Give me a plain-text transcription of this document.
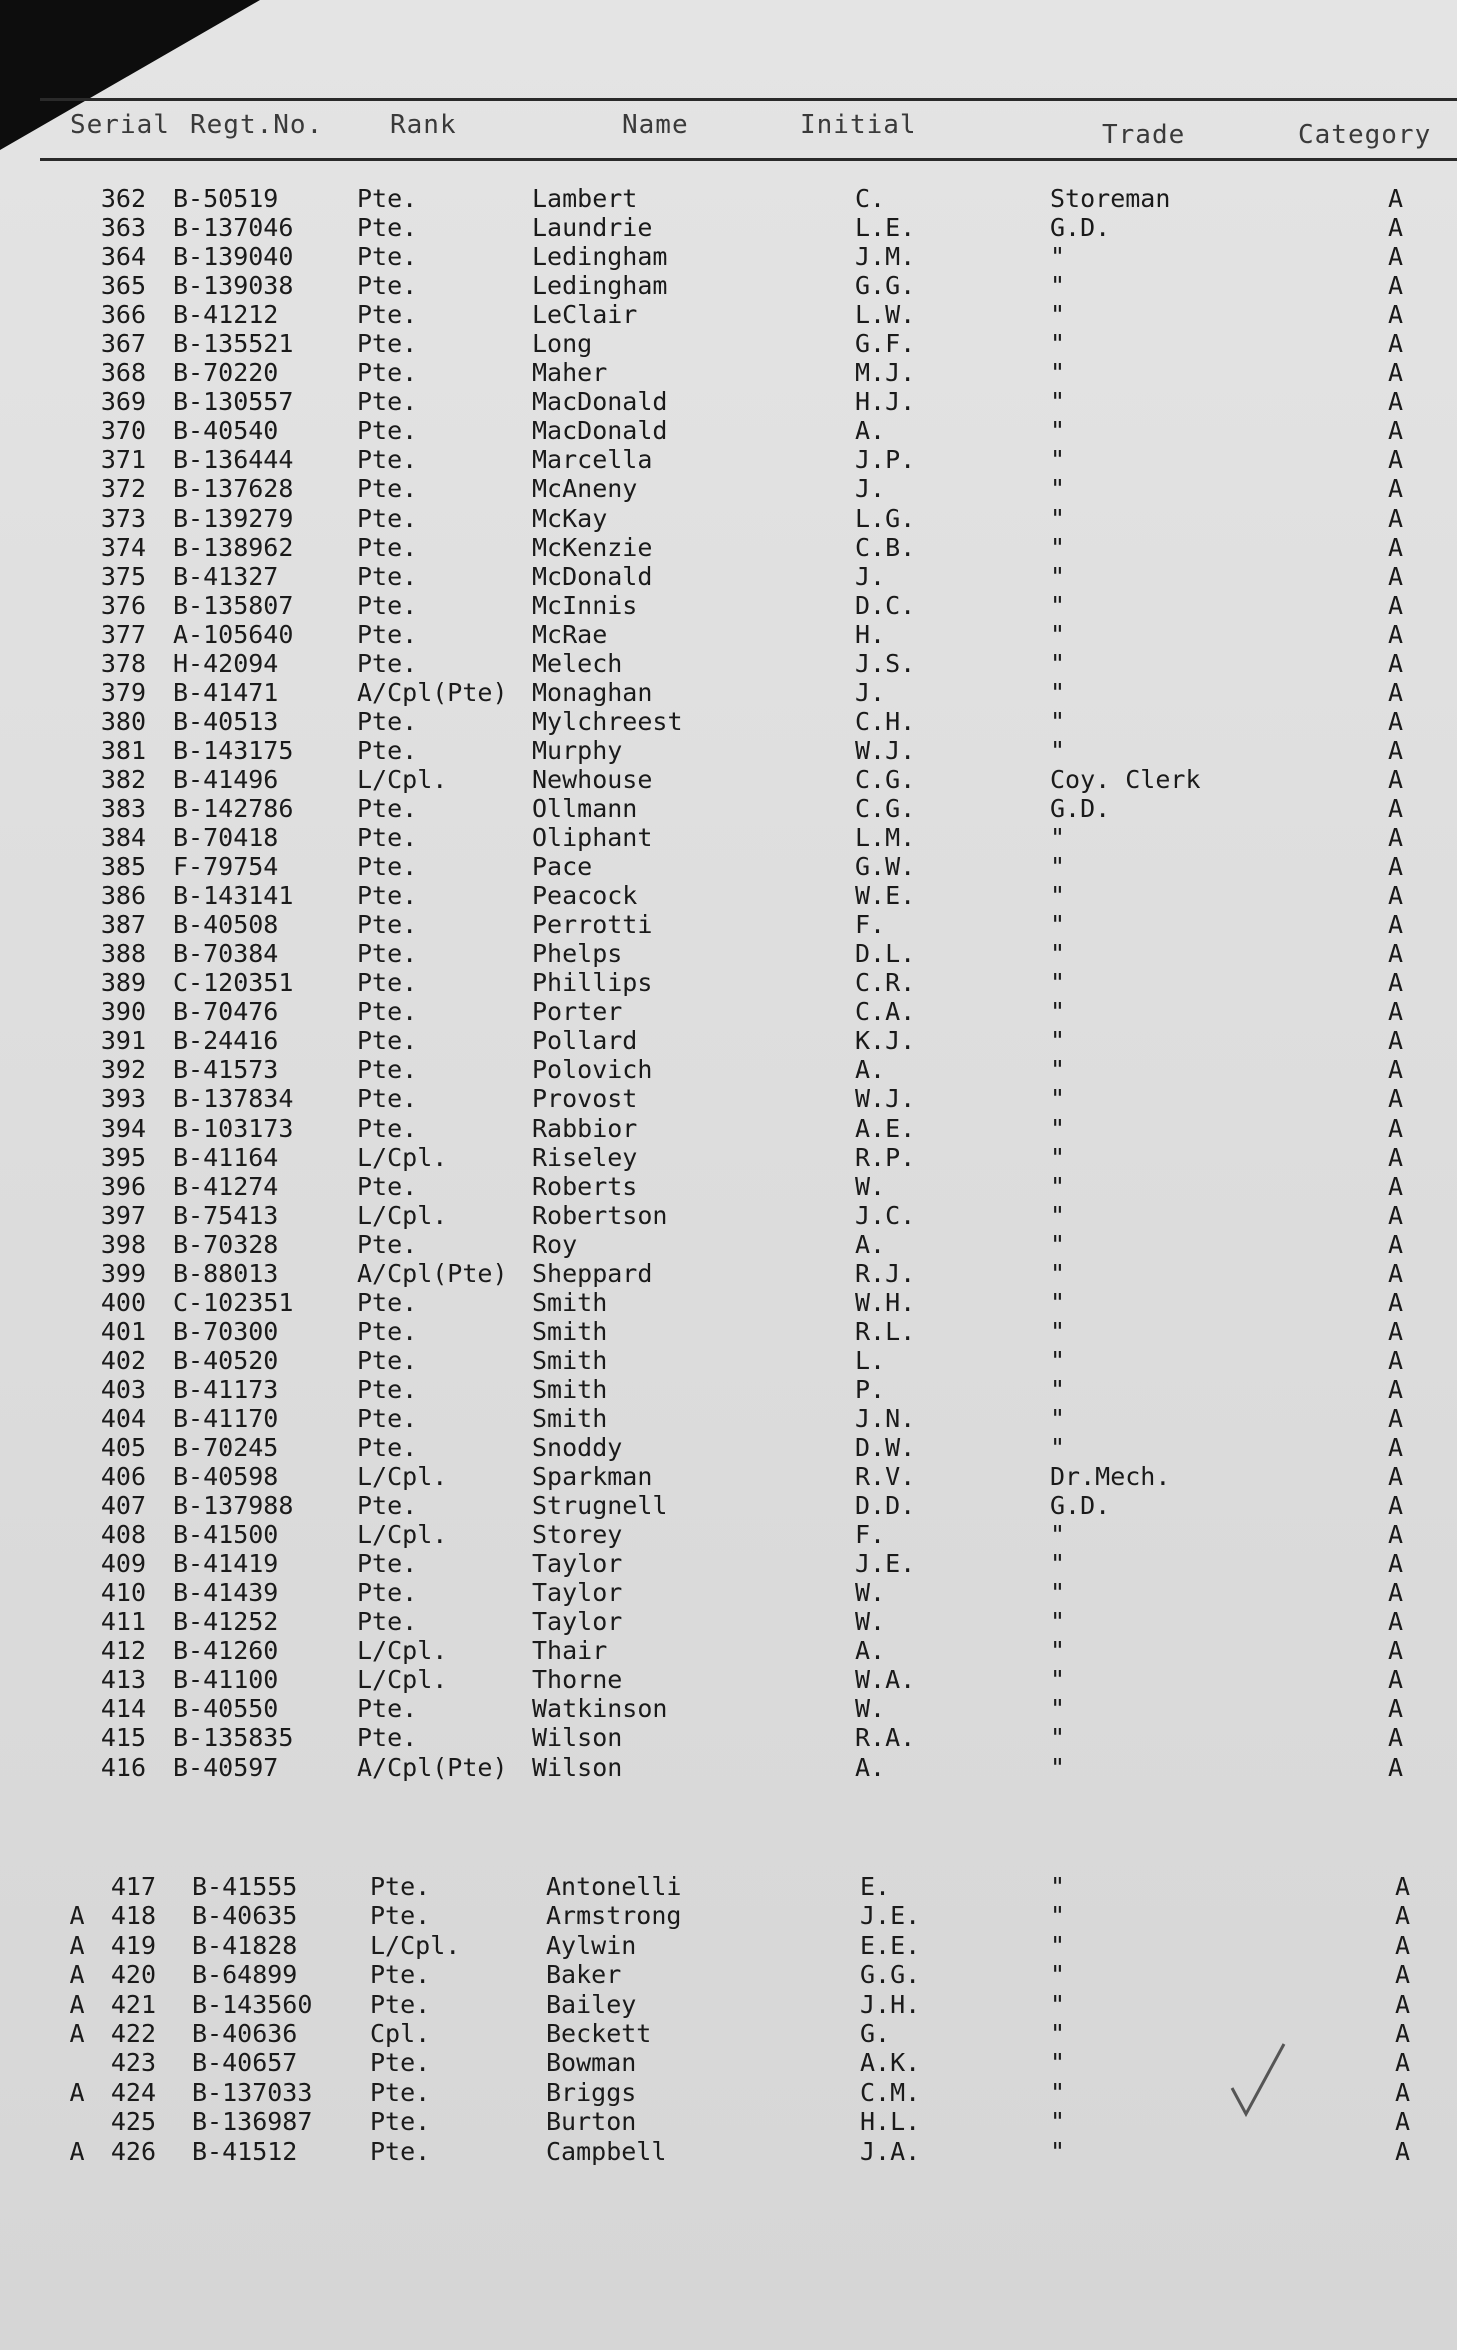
Serial Regt.No.	Rank	Name	Initial	Trade	Category
362 B-50519	Pte.	Lambert	C.	Storeman	A
363 B-137046	Pte.	Laundrie	L.E.	G.D.	A
364 B-139040	Pte.	Ledingham	J.M.	"	A
365 B-139038	Pte.	Ledingham	G.G.	"	A
366 B-41212	Pte.	LeClair	L.W.	"	A
367 B-135521	Pte.	Long	G.F.	"	A
368 B-70220	Pte.	Maher	M.J.	"	A
369 B-130557	Pte.	MacDonald	H.J.	"	A
370 B-40540	Pte.	MacDonald	A.	"	A
371 B-136444	Pte.	Marcella	J.P.	"	A
372 B-137628	Pte.	McAneny	J.	"	A
373 B-139279	Pte.	McKay	L.G.	"	A
374 B-138962	Pte.	McKenzie	C.B.	"	A
375 B-41327	Pte.	McDonald	J.	"	A
376 B-135807	Pte.	McInnis	D.C.	"	A
377 A-105640	Pte.	McRae	H.	"	A
378 H-42094	Pte.	Melech	J.S.	"	A
379 B-41471	A/Cpl(Pte) Monaghan	J.	"	A
380 B-40513	Pte.	Mylchreest	C.H.	"	A
381 B-143175	Pte.	Murphy	W.J.	"	A
382 B-41496	L/Cpl.	Newhouse	C.G.	Coy. Clerk	A
383 B-142786	Pte.	Ollmann	C.G.	G.D.	A
384 B-70418	Pte.	Oliphant	L.M.	"	A
385 F-79754	Pte.	Pace	G.W.	"	A
386 B-143141	Pte.	Peacock	W.E.	"	A
387 B-40508	Pte.	Perrotti	F.	"	A
388 B-70384	Pte.	Phelps	D.L.	"	A
389 C-120351	Pte.	Phillips	C.R.	"	A
390 B-70476	Pte.	Porter	C.A.	"	A
391 B-24416	Pte.	Pollard	K.J.	"	A
392 B-41573	Pte.	Polovich	A.	"	A
393 B-137834	Pte.	Provost	W.J.	"	A
394 B-103173	Pte.	Rabbior	A.E.	"	A
395 B-41164	L/Cpl.	Riseley	R.P.	"	A
396 B-41274	Pte.	Roberts	W.	"	A
397 B-75413	L/Cpl.	Robertson	J.C.	"	A
398 B-70328	Pte.	Roy	A.	"	A
399 B-88013	A/Cpl(Pte) Sheppard	R.J.	"	A
400 C-102351	Pte.	Smith	W.H.	"	A
401 B-70300	Pte.	Smith	R.L.	"	A
402 B-40520	Pte.	Smith	L.	"	A
403 B-41173	Pte.	Smith	P.	"	A
404 B-41170	Pte.	Smith	J.N.	"	A
405 B-70245	Pte.	Snoddy	D.W.	"	A
406 B-40598	L/Cpl.	Sparkman	R.V.	Dr.Mech.	A
407 B-137988	Pte.	Strugnell	D.D.	G.D.	A
408 B-41500	L/Cpl.	Storey	F.	"	A
409 B-41419	Pte.	Taylor	J.E.	"	A
410 B-41439	Pte.	Taylor	W.	"	A
411 B-41252	Pte.	Taylor	W.	"	A
412 B-41260	L/Cpl.	Thair	A.	"	A
413 B-41100	L/Cpl.	Thorne	W.A.	"	A
414 B-40550	Pte.	Watkinson	W.	"	A
415 B-135835	Pte.	Wilson	R.A.	"	A
416 B-40597	A/Cpl(Pte) Wilson	A.	"	A
417 B-41555	Pte.	Antonelli	E.	"	A
A	418 B-40635	Pte.	Armstrong	J.E.	"	A
A	419 B-41828	L/Cpl.	Aylwin	E.E.	"	A
A	420 B-64899	Pte.	Baker	G.G.	"	A
A	421 B-143560 Pte.	Bailey	J.H.	"	A
A	422 B-40636	Cpl.	Beckett	G.	"	A
423 B-40657	Pte.	Bowman	A.K.	"	A
A	424 B-137033 Pte.	Briggs	C.M.	"	A
425 B-136987 Pte.	Burton	H.L.	"	A
A	426 B-41512	Pte.	Campbell	J.A.	"	A
